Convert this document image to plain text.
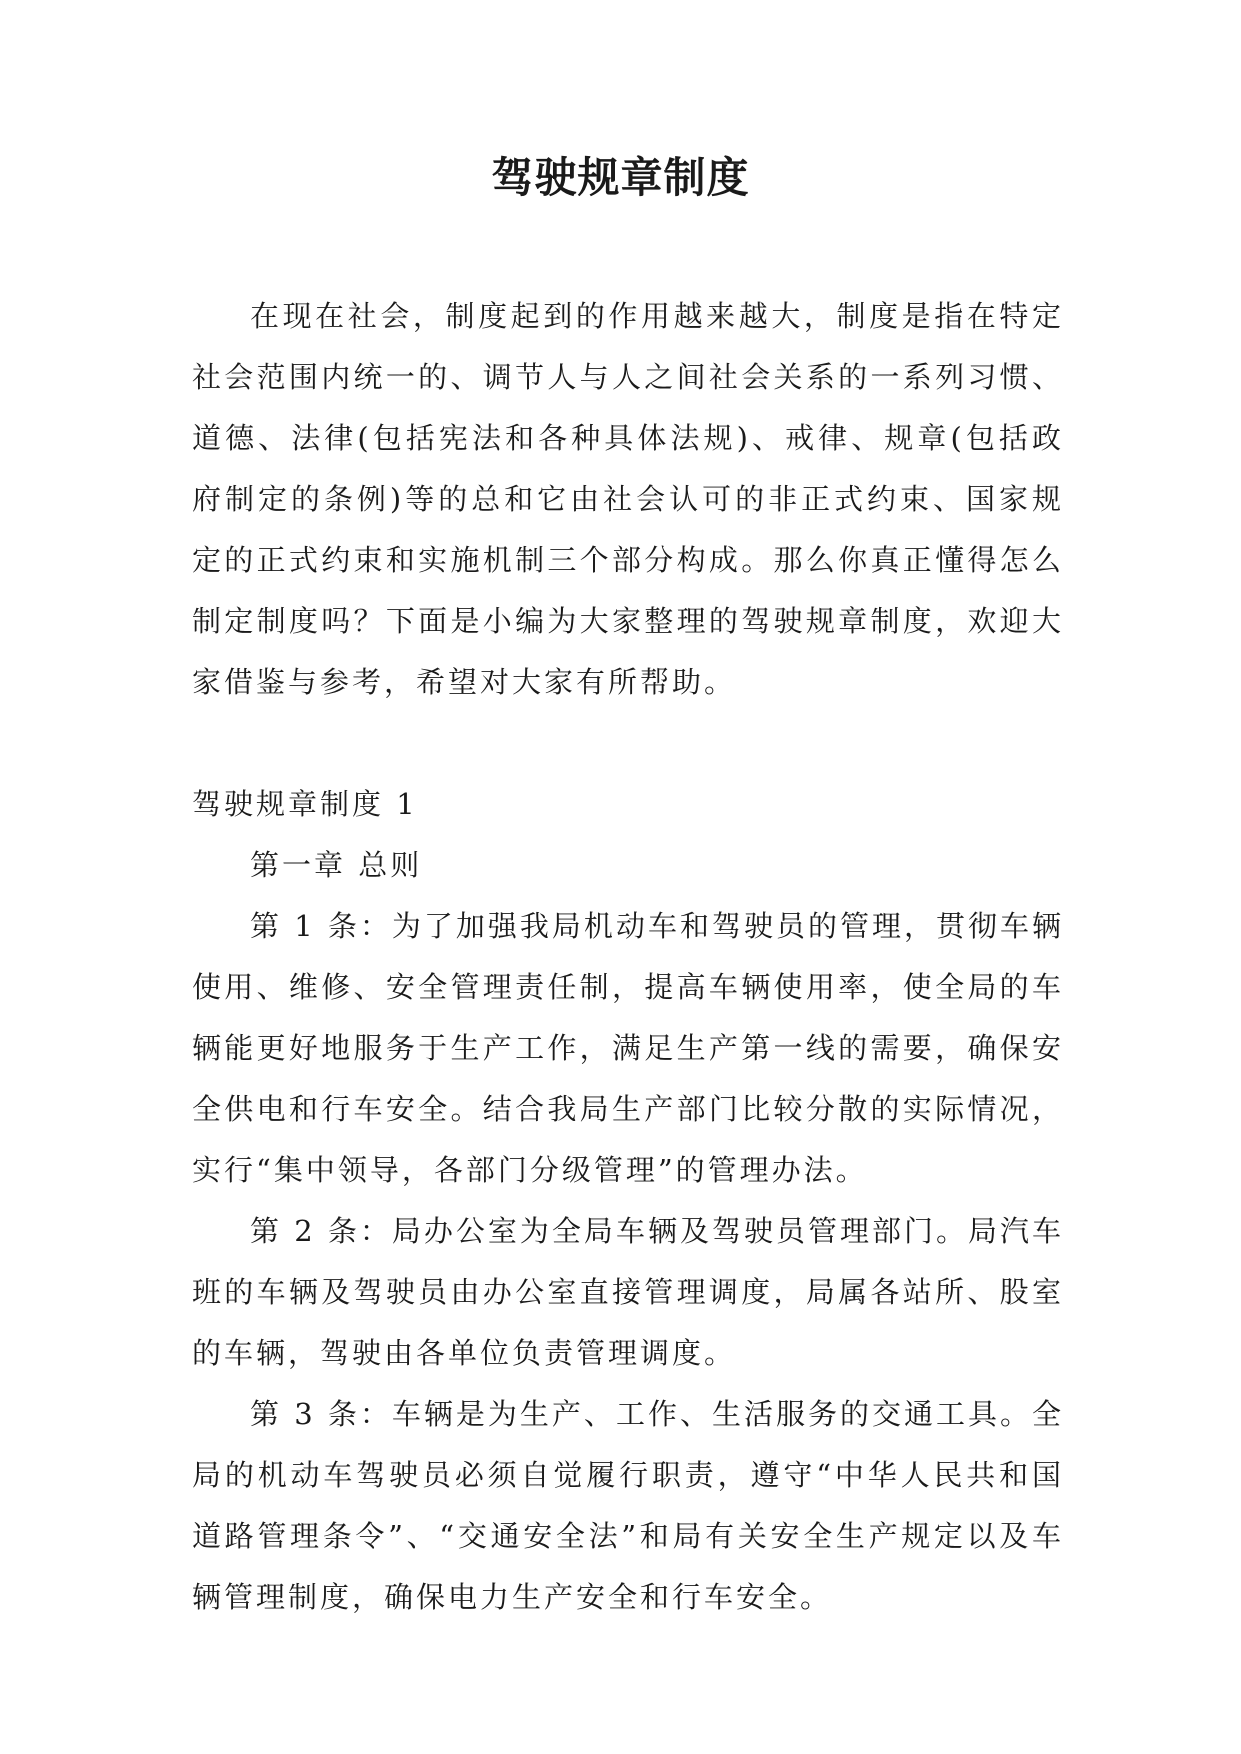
驾驶规章制度

在现在社会，制度起到的作用越来越大，制度是指在特定社会范围内统一的、调节人与人之间社会关系的一系列习惯、道德、法律(包括宪法和各种具体法规)、戒律、规章(包括政府制定的条例)等的总和它由社会认可的非正式约束、国家规定的正式约束和实施机制三个部分构成。那么你真正懂得怎么制定制度吗？下面是小编为大家整理的驾驶规章制度，欢迎大家借鉴与参考，希望对大家有所帮助。

驾驶规章制度 1

第一章 总则

第 1 条：为了加强我局机动车和驾驶员的管理，贯彻车辆使用、维修、安全管理责任制，提高车辆使用率，使全局的车辆能更好地服务于生产工作，满足生产第一线的需要，确保安全供电和行车安全。结合我局生产部门比较分散的实际情况，实行“集中领导，各部门分级管理”的管理办法。

第 2 条：局办公室为全局车辆及驾驶员管理部门。局汽车班的车辆及驾驶员由办公室直接管理调度，局属各站所、股室的车辆，驾驶由各单位负责管理调度。

第 3 条：车辆是为生产、工作、生活服务的交通工具。全局的机动车驾驶员必须自觉履行职责，遵守“中华人民共和国道路管理条令”、“交通安全法”和局有关安全生产规定以及车辆管理制度，确保电力生产安全和行车安全。
